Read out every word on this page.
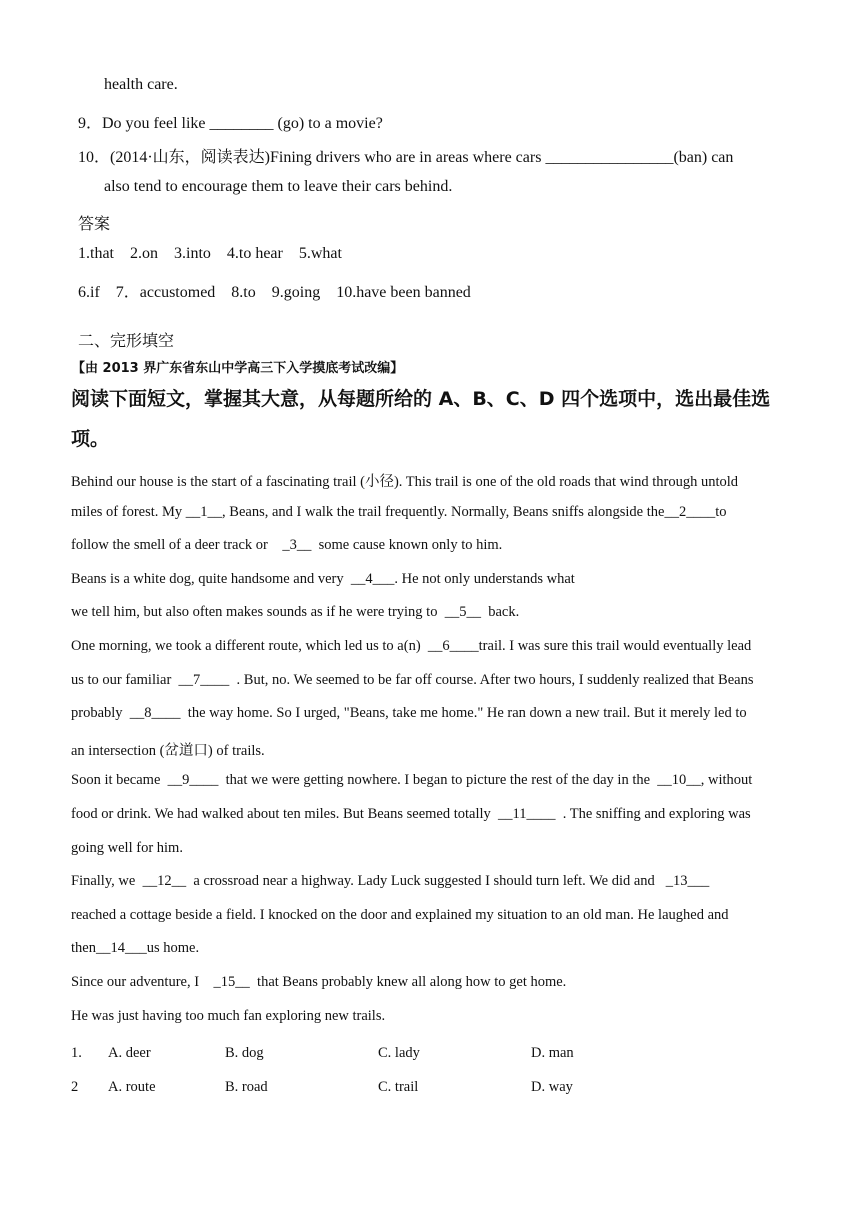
health care.
9．Do you feel like ________ (go) to a movie?
10．(2014·山东，阅读表达)Fining drivers who are in areas where cars ________________(ban) can
also tend to encourage them to leave their cars behind.
答案
1.that    2.on    3.into    4.to hear    5.what
6.if    7．accustomed    8.to    9.going    10.have been banned
二、完形填空
【由 2013 界广东省东山中学高三下入学摸底考试改编】
阅读下面短文，掌握其大意，从每题所给的 A、B、C、D 四个选项中，选出最佳选
项。
Behind our house is the start of a fascinating trail (小径). This trail is one of the old roads that wind through untold
miles of forest. My __1__, Beans, and I walk the trail frequently. Normally, Beans sniffs alongside the__2____to
follow the smell of a deer track or    _3__  some cause known only to him.
Beans is a white dog, quite handsome and very  __4___. He not only understands what
we tell him, but also often makes sounds as if he were trying to  __5__  back.
One morning, we took a different route, which led us to a(n)  __6____trail. I was sure this trail would eventually lead
us to our familiar  __7____  . But, no. We seemed to be far off course. After two hours, I suddenly realized that Beans
probably  __8____  the way home. So I urged, "Beans, take me home." He ran down a new trail. But it merely led to
an intersection (岔道口) of trails.
Soon it became  __9____  that we were getting nowhere. I began to picture the rest of the day in the  __10__, without
food or drink. We had walked about ten miles. But Beans seemed totally  __11____  . The sniffing and exploring was
going well for him.
Finally, we  __12__  a crossroad near a highway. Lady Luck suggested I should turn left. We did and   _13___
reached a cottage beside a field. I knocked on the door and explained my situation to an old man. He laughed and
then__14___us home.
Since our adventure, I    _15__  that Beans probably knew all along how to get home.
He was just having too much fan exploring new trails.
1. A. deer	B. dog	C. lady	D. man
2 A. route	B. road	C. trail	D. way
